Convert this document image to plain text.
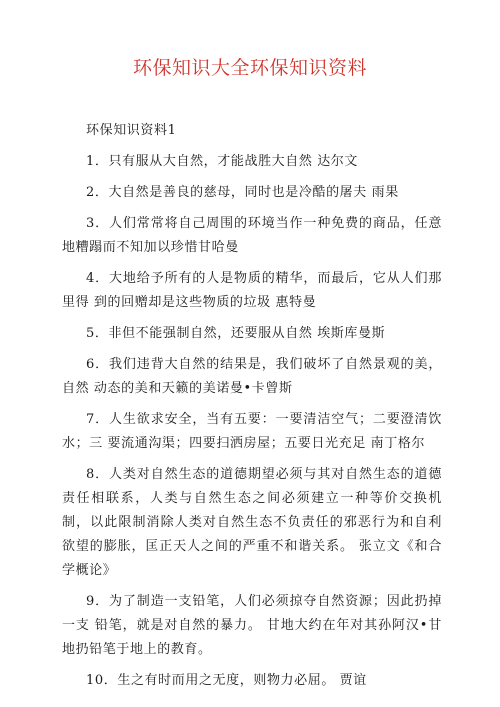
环保知识大全环保知识资料

环保知识资料1

1．只有服从大自然，才能战胜大自然 达尔文

2．大自然是善良的慈母，同时也是冷酷的屠夫 雨果

3．人们常常将自己周围的环境当作一种免费的商品，任意地糟蹋而不知加以珍惜甘哈曼

4．大地给予所有的人是物质的精华，而最后，它从人们那里得 到的回赠却是这些物质的垃圾 惠特曼

5．非但不能强制自然，还要服从自然 埃斯库曼斯

6．我们违背大自然的结果是，我们破坏了自然景观的美，自然 动态的美和天籁的美诺曼•卡曾斯

7．人生欲求安全，当有五要：一要清洁空气；二要澄清饮水；三 要流通沟渠；四要扫洒房屋；五要日光充足 南丁格尔

8．人类对自然生态的道德期望必须与其对自然生态的道德责任相联系，人类与自然生态之间必须建立一种等价交换机制，以此限制消除人类对自然生态不负责任的邪恶行为和自利欲望的膨胀，匡正天人之间的严重不和谐关系。 张立文《和合学概论》

9．为了制造一支铅笔，人们必须掠夺自然资源；因此扔掉一支 铅笔，就是对自然的暴力。 甘地大约在年对其孙阿汉•甘地扔铅笔于地上的教育。

10．生之有时而用之无度，则物力必屈。 贾谊
